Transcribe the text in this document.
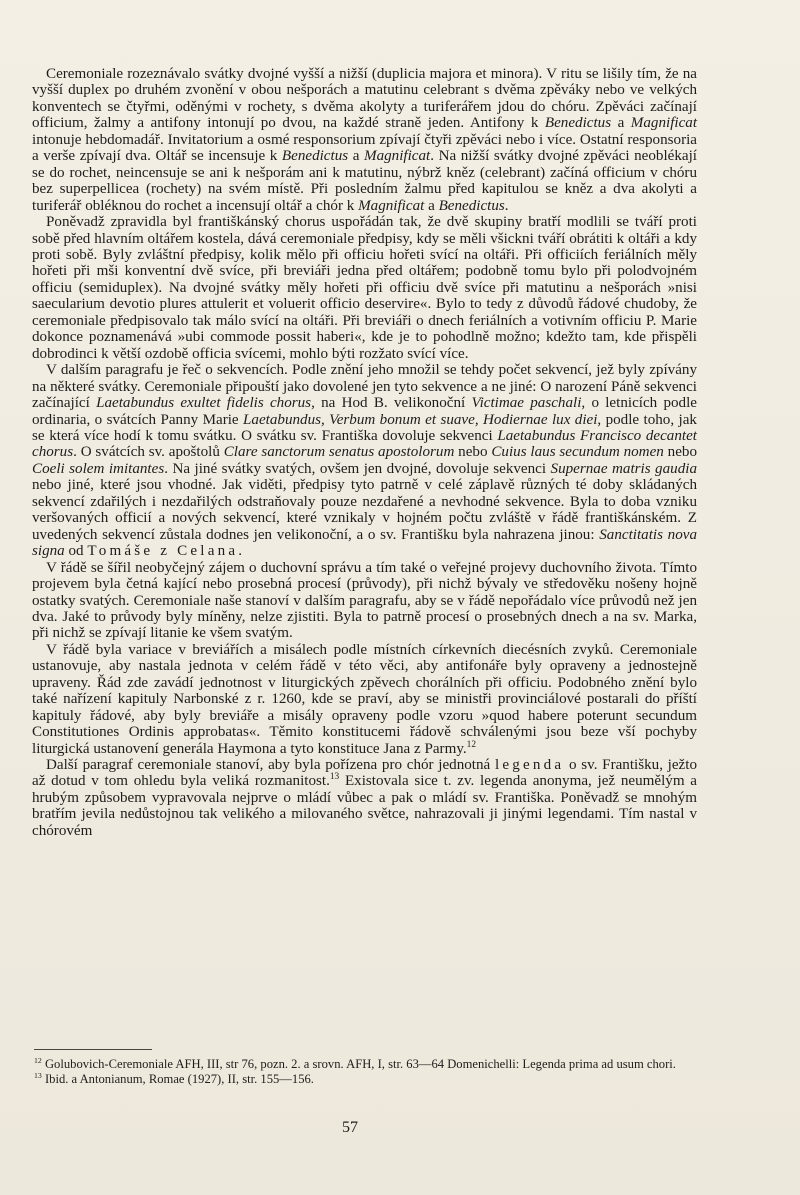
Ceremoniale rozeznávalo svátky dvojné vyšší a nižší (duplicia majora et minora). V ritu se lišily tím, že na vyšší duplex po druhém zvonění v obou nešporách a matutinu celebrant s dvěma zpěváky nebo ve velkých konventech se čtyřmi, oděnými v rochety, s dvěma akolyty a turiferářem jdou do chóru. Zpěváci začínají officium, žalmy a antifony intonují po dvou, na každé straně jeden. Antifony k Benedictus a Magnificat intonuje hebdomadář. Invitatorium a osmé responsorium zpívají čtyři zpěváci nebo i více. Ostatní responsoria a verše zpívají dva. Oltář se incensuje k Benedictus a Magnificat. Na nižší svátky dvojné zpěváci neoblékají se do rochet, neincensuje se ani k nešporám ani k matutinu, nýbrž kněz (celebrant) začíná officium v chóru bez superpellicea (rochety) na svém místě. Při posledním žalmu před kapitulou se kněz a dva akolyti a turiferář obléknou do rochet a incensují oltář a chór k Magnificat a Benedictus.

Poněvadž zpravidla byl františkánský chorus uspořádán tak, že dvě skupiny bratří modlili se tváří proti sobě před hlavním oltářem kostela, dává ceremoniale předpisy, kdy se měli všickni tváří obrátiti k oltáři a kdy proti sobě. Byly zvláštní předpisy, kolik mělo při officiu hořeti svící na oltáři. Při officiích feriálních měly hořeti při mši konventní dvě svíce, při breviáři jedna před oltářem; podobně tomu bylo při polodvojném officiu (semiduplex). Na dvojné svátky měly hořeti při officiu dvě svíce při matutinu a nešporách »nisi saecularium devotio plures attulerit et voluerit officio deservire«. Bylo to tedy z důvodů řádové chudoby, že ceremoniale předpisovalo tak málo svící na oltáři. Při breviáři o dnech feriálních a votivním officiu P. Marie dokonce poznamenává »ubi commode possit haberi«, kde je to pohodlně možno; kdežto tam, kde přispěli dobrodinci k větší ozdobě officia svícemi, mohlo býti rozžato svící více.

V dalším paragrafu je řeč o sekvencích. Podle znění jeho množil se tehdy počet sekvencí, jež byly zpívány na některé svátky. Ceremoniale připouští jako dovolené jen tyto sekvence a ne jiné: O narození Páně sekvenci začínající Laetabundus exultet fidelis chorus, na Hod B. velikonoční Victimae paschali, o letnicích podle ordinaria, o svátcích Panny Marie Laetabundus, Verbum bonum et suave, Hodiernae lux diei, podle toho, jak se která více hodí k tomu svátku. O svátku sv. Františka dovoluje sekvenci Laetabundus Francisco decantet chorus. O svátcích sv. apoštolů Clare sanctorum senatus apostolorum nebo Cuius laus secundum nomen nebo Coeli solem imitantes. Na jiné svátky svatých, ovšem jen dvojné, dovoluje sekvenci Supernae matris gaudia nebo jiné, které jsou vhodné. Jak viděti, předpisy tyto patrně v celé záplavě různých té doby skládaných sekvencí zdařilých i nezdařilých odstraňovaly pouze nezdařené a nevhodné sekvence. Byla to doba vzniku veršovaných officií a nových sekvencí, které vznikaly v hojném počtu zvláště v řádě františkánském. Z uvedených sekvencí zůstala dodnes jen velikonoční, a o sv. Františku byla nahrazena jinou: Sanctitatis nova signa od Tomáše z Celana.

V řádě se šířil neobyčejný zájem o duchovní správu a tím také o veřejné projevy duchovního života. Tímto projevem byla četná kající nebo prosebná procesí (průvody), při nichž bývaly ve středověku nošeny hojně ostatky svatých. Ceremoniale naše stanoví v dalším paragrafu, aby se v řádě nepořádalo více průvodů než jen dva. Jaké to průvody byly míněny, nelze zjistiti. Byla to patrně procesí o prosebných dnech a na sv. Marka, při nichž se zpívají litanie ke všem svatým.

V řádě byla variace v breviářích a misálech podle místních církevních diecésních zvyků. Ceremoniale ustanovuje, aby nastala jednota v celém řádě v této věci, aby antifonáře byly opraveny a jednostejně upraveny. Řád zde zavádí jednotnost v liturgických zpěvech chorálních při officiu. Podobného znění bylo také nařízení kapituly Narbonské z r. 1260, kde se praví, aby se ministři provinciálové postarali do příští kapituly řádové, aby byly breviáře a misály opraveny podle vzoru »quod habere poterunt secundum Constitutiones Ordinis approbatas«. Těmito konstitucemi řádově schválenými jsou beze vší pochyby liturgická ustanovení generála Haymona a tyto konstituce Jana z Parmy.$^{12}$

Další paragraf ceremoniale stanoví, aby byla pořízena pro chór jednotná legenda o sv. Františku, ježto až dotud v tom ohledu byla veliká rozmanitost.$^{13}$ Existovala sice t. zv. legenda anonyma, jež neumělým a hrubým způsobem vypravovala nejprve o mládí vůbec a pak o mládí sv. Františka. Poněvadž se mnohým bratřím jevila nedůstojnou tak velikého a milovaného světce, nahrazovali ji jinými legendami. Tím nastal v chórovém

$^{12}$ Golubovich-Ceremoniale AFH, III, str 76, pozn. 2. a srovn. AFH, I, str. 63—64 Domenichelli: Legenda prima ad usum chori.

$^{13}$ Ibid. a Antonianum, Romae (1927), II, str. 155—156.

57
